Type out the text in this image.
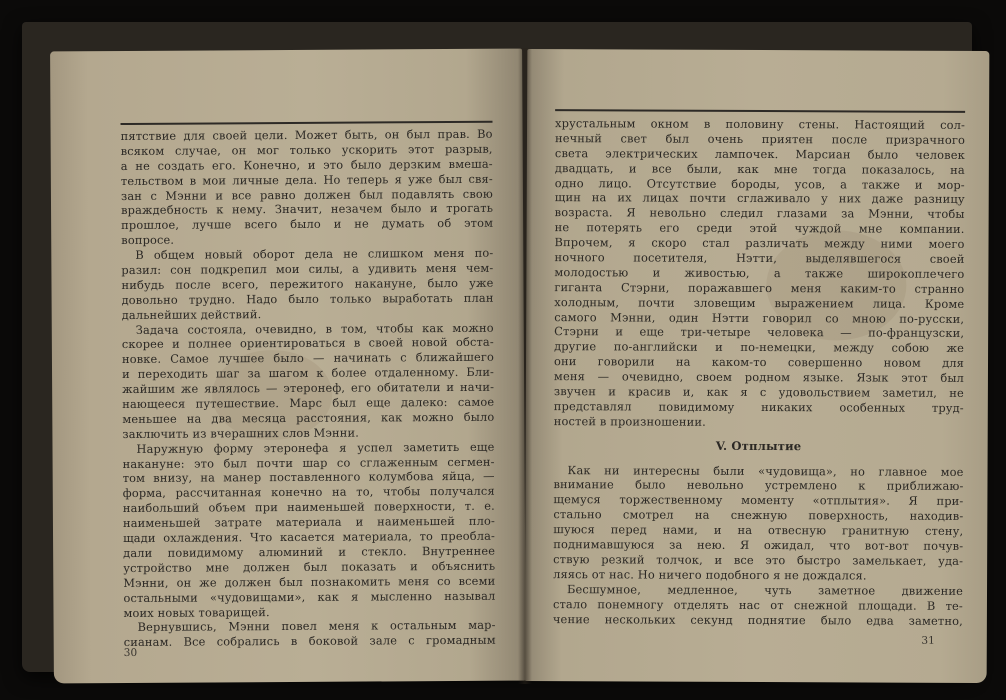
пятствие для своей цели. Может быть, он был прав. Во
всяком случае, он мог только ускорить этот разрыв,
а не создать его. Конечно, и это было дерзким вмеша-
тельством в мои личные дела. Но теперь я уже был свя-
зан с Мэнни и все равно должен был подавлять свою
враждебность к нему. Значит, незачем было и трогать
прошлое, лучше всего было и не думать об этом
вопросе.
В общем новый оборот дела не слишком меня по-
разил: сон подкрепил мои силы, а удивить меня чем-
нибудь после всего, пережитого накануне, было уже
довольно трудно. Надо было только выработать план
дальнейших действий.
Задача состояла, очевидно, в том, чтобы как можно
скорее и полнее ориентироваться в своей новой обста-
новке. Самое лучшее было — начинать с ближайшего
и переходить шаг за шагом к более отдаленному. Бли-
жайшим же являлось — этеронеф, его обитатели и начи-
нающееся путешествие. Марс был еще далеко: самое
меньшее на два месяца расстояния, как можно было
заключить из вчерашних слов Мэнни.
Наружную форму этеронефа я успел заметить еще
накануне: это был почти шар со сглаженным сегмен-
том внизу, на манер поставленного колумбова яйца, —
форма, рассчитанная конечно на то, чтобы получался
наибольший объем при наименьшей поверхности, т. е.
наименьшей затрате материала и наименьшей пло-
щади охлаждения. Что касается материала, то преобла-
дали повидимому алюминий и стекло. Внутреннее
устройство мне должен был показать и объяснить
Мэнни, он же должен был познакомить меня со всеми
остальными «чудовищами», как я мысленно называл
моих новых товарищей.
Вернувшись, Мэнни повел меня к остальным мар-
сианам. Все собрались в боковой зале с громадным
30
хрустальным окном в половину стены. Настоящий сол-
нечный свет был очень приятен после призрачного
света электрических лампочек. Марсиан было человек
двадцать, и все были, как мне тогда показалось, на
одно лицо. Отсутствие бороды, усов, а также и мор-
щин на их лицах почти сглаживало у них даже разницу
возраста. Я невольно следил глазами за Мэнни, чтобы
не потерять его среди этой чуждой мне компании.
Впрочем, я скоро стал различать между ними моего
ночного посетителя, Нэтти, выделявшегося своей
молодостью и живостью, а также широкоплечего
гиганта Стэрни, поражавшего меня каким-то странно
холодным, почти зловещим выражением лица. Кроме
самого Мэнни, один Нэтти говорил со мною по-русски,
Стэрни и еще три-четыре человека — по-французски,
другие по-английски и по-немецки, между собою же
они говорили на каком-то совершенно новом для
меня — очевидно, своем родном языке. Язык этот был
звучен и красив и, как я с удовольствием заметил, не
представлял повидимому никаких особенных труд-
ностей в произношении.
V. Отплытие
Как ни интересны были «чудовища», но главное мое
внимание было невольно устремлено к приближаю-
щемуся торжественному моменту «отплытия». Я при-
стально смотрел на снежную поверхность, находив-
шуюся перед нами, и на отвесную гранитную стену,
поднимавшуюся за нею. Я ожидал, что вот-вот почув-
ствую резкий толчок, и все это быстро замелькает, уда-
ляясь от нас. Но ничего подобного я не дождался.
Бесшумное, медленное, чуть заметное движение
стало понемногу отделять нас от снежной площади. В те-
чение нескольких секунд поднятие было едва заметно,
31
